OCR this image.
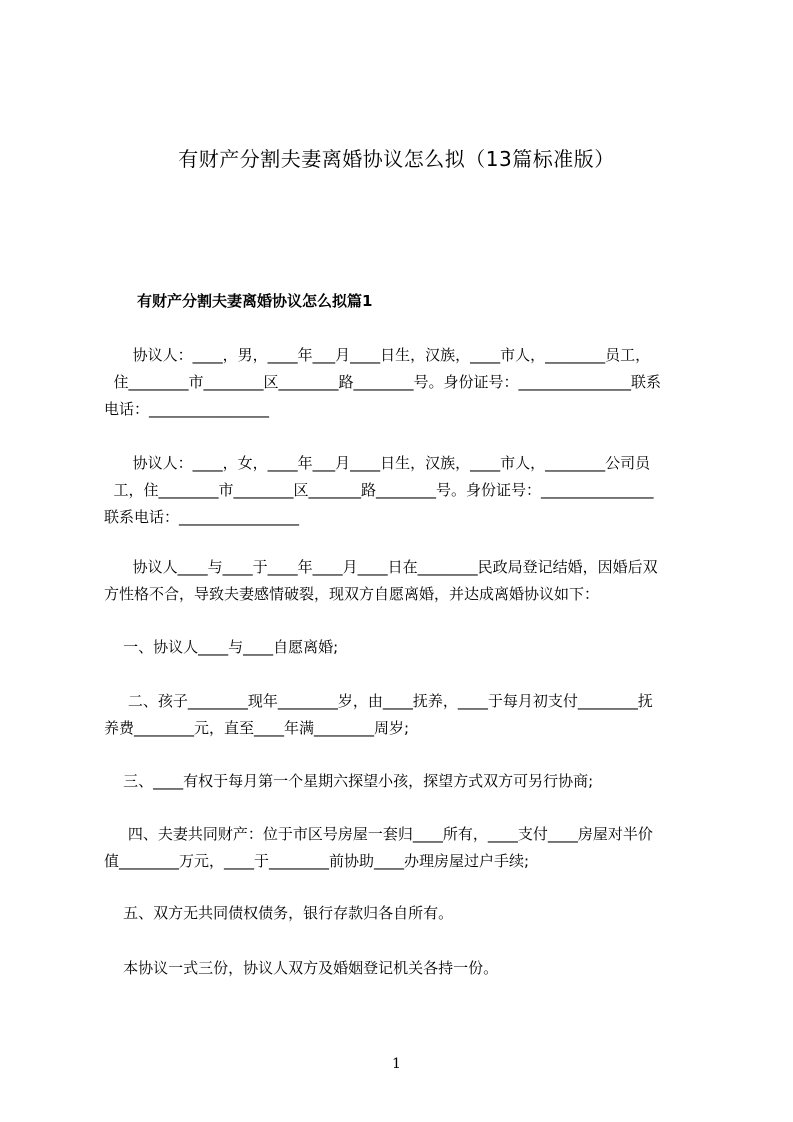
有财产分割夫妻离婚协议怎么拟（13篇标准版）
有财产分割夫妻离婚协议怎么拟篇1
协议人：____，男，____年___月____日生，汉族，____市人，________员工，
住________市________区________路________号。身份证号：_______________联系
电话：________________
协议人：____，女，____年___月____日生，汉族，____市人，________公司员
工，住________市________区_______路________号。身份证号：_______________
联系电话：________________
协议人____与____于____年____月____日在________民政局登记结婚，因婚后双
方性格不合，导致夫妻感情破裂，现双方自愿离婚，并达成离婚协议如下：
一、协议人____与____自愿离婚;
二、孩子________现年________岁，由____抚养，____于每月初支付________抚
养费________元，直至____年满________周岁;
三、____有权于每月第一个星期六探望小孩，探望方式双方可另行协商;
四、夫妻共同财产：位于市区号房屋一套归____所有，____支付____房屋对半价
值________万元，____于________前协助____办理房屋过户手续;
五、双方无共同债权债务，银行存款归各自所有。
本协议一式三份，协议人双方及婚姻登记机关各持一份。
1
